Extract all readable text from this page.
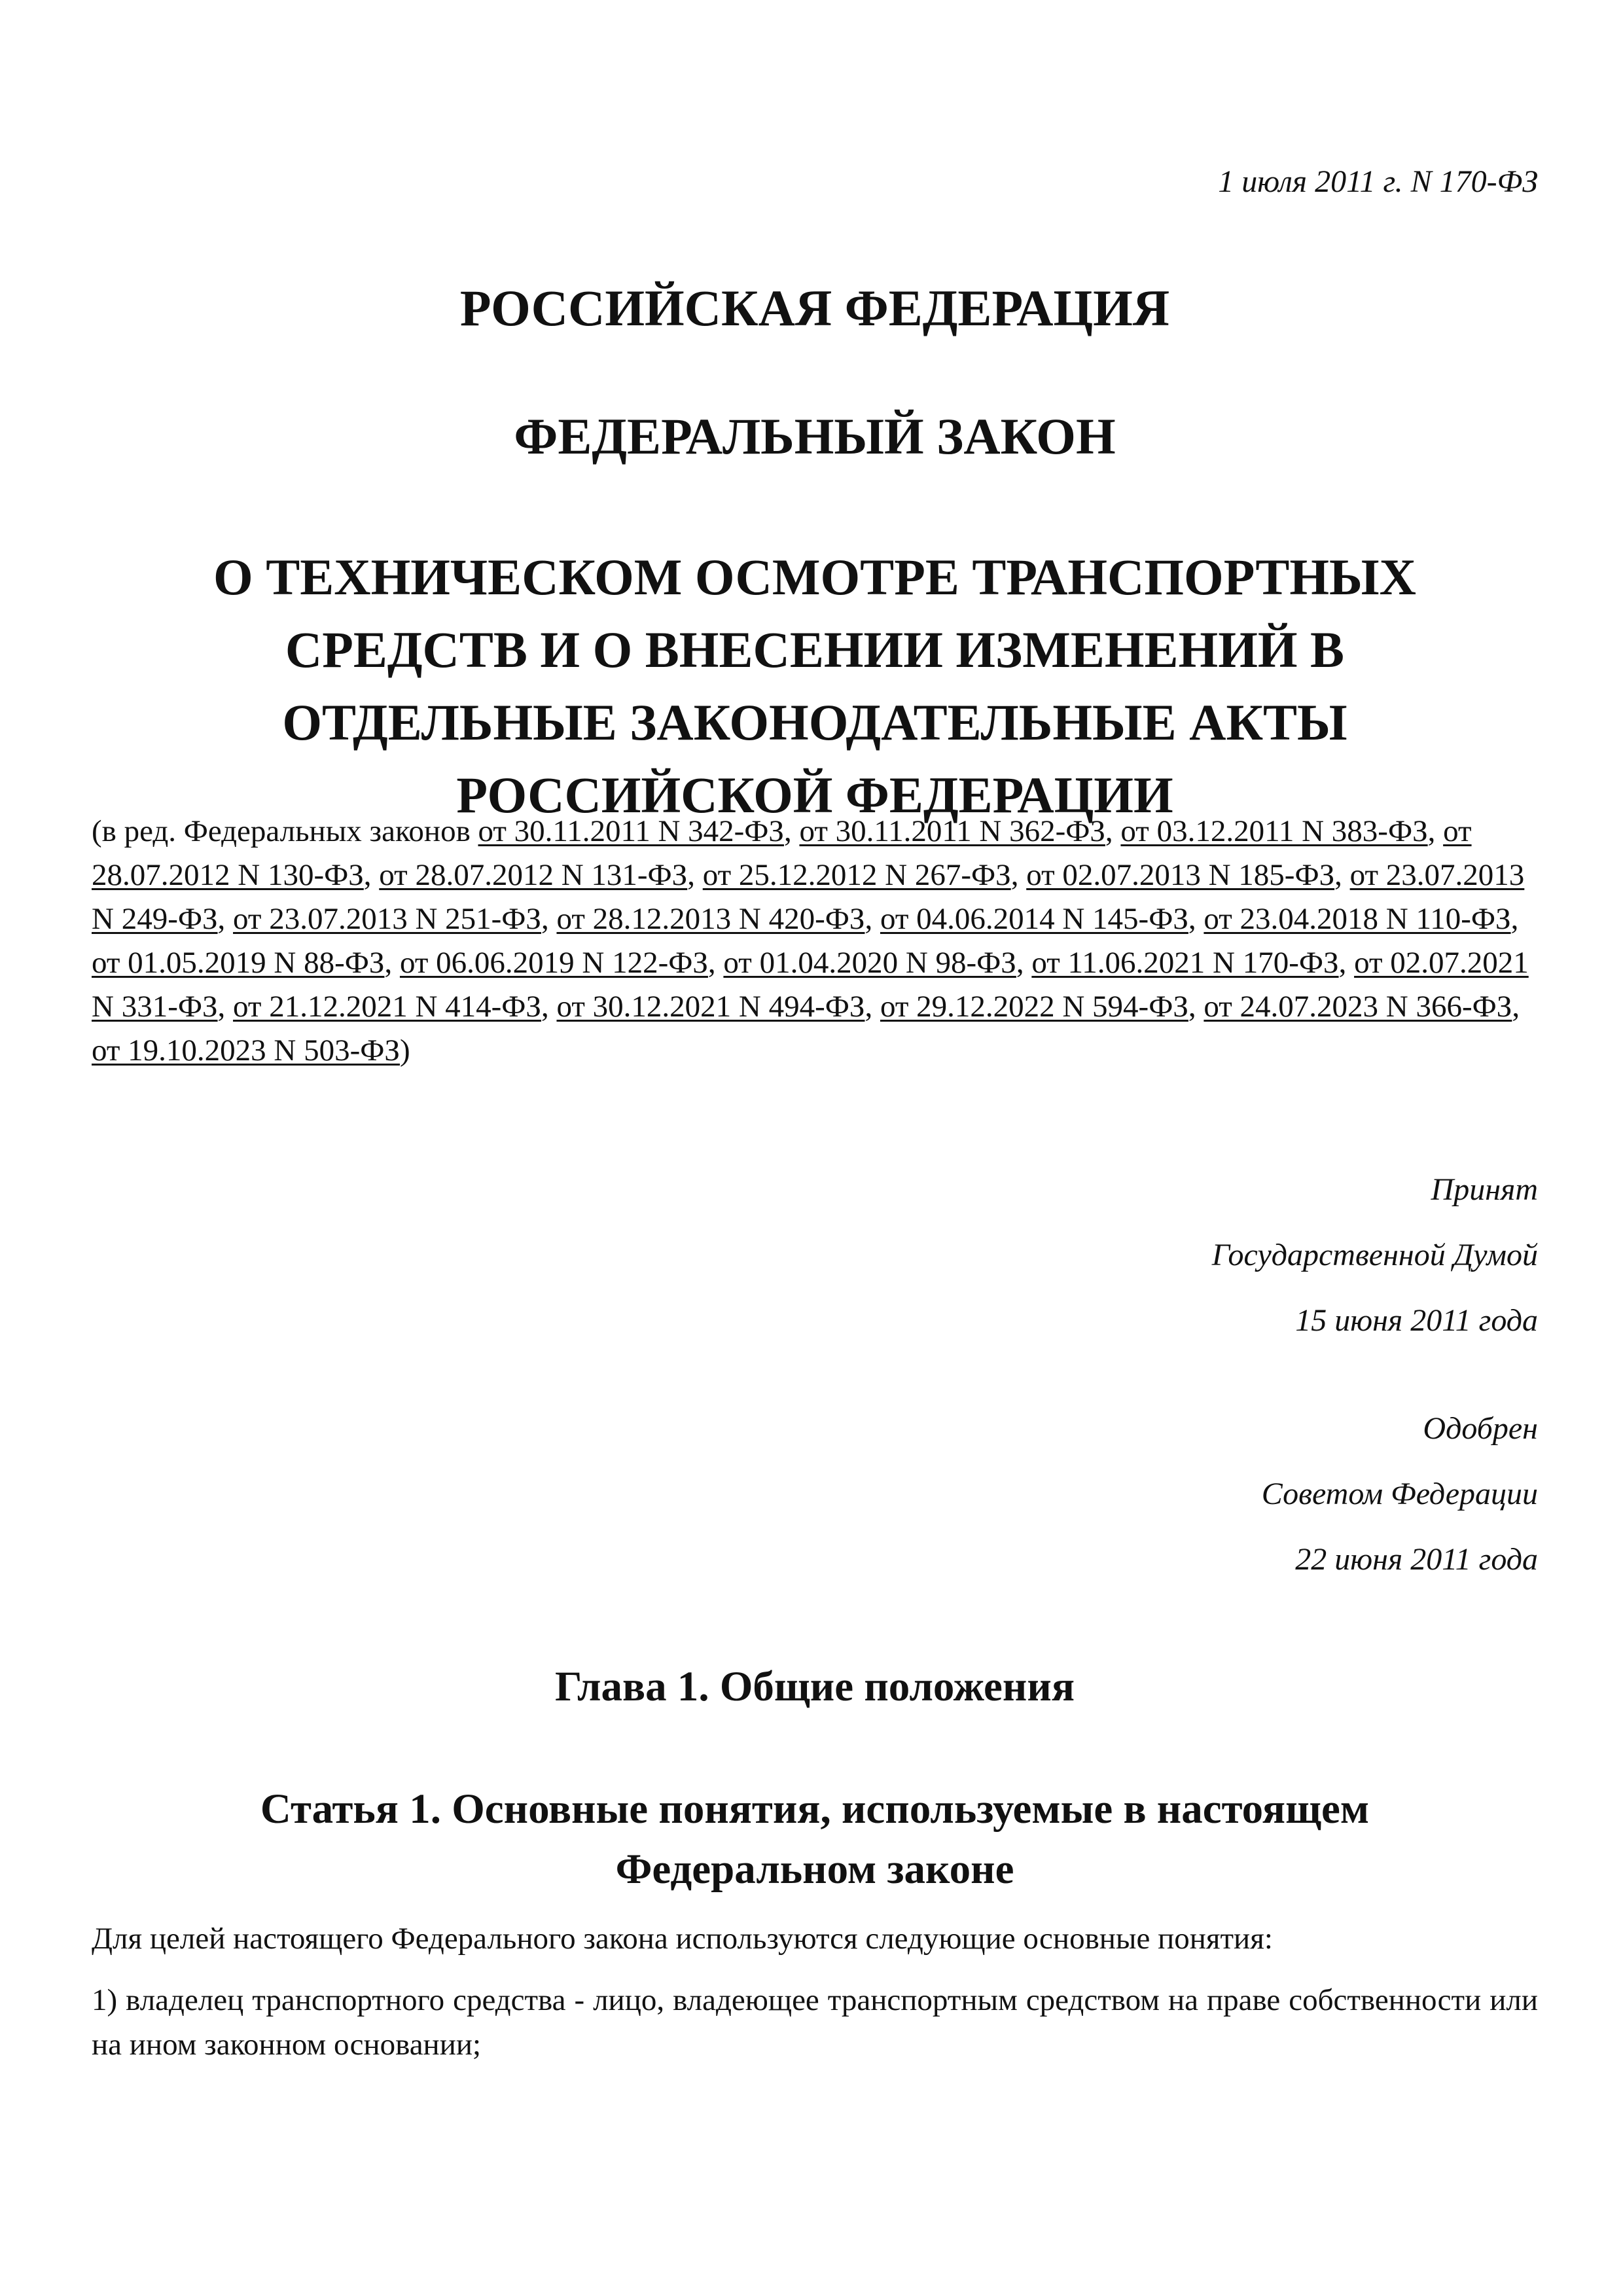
1 июля 2011 г. N 170-ФЗ
РОССИЙСКАЯ ФЕДЕРАЦИЯ
ФЕДЕРАЛЬНЫЙ ЗАКОН
О ТЕХНИЧЕСКОМ ОСМОТРЕ ТРАНСПОРТНЫХ
СРЕДСТВ И О ВНЕСЕНИИ ИЗМЕНЕНИЙ В
ОТДЕЛЬНЫЕ ЗАКОНОДАТЕЛЬНЫЕ АКТЫ
РОССИЙСКОЙ ФЕДЕРАЦИИ
(в ред. Федеральных законов от 30.11.2011 N 342-ФЗ, от 30.11.2011 N 362-ФЗ, от 03.12.2011 N 383-ФЗ, от 28.07.2012 N 130-ФЗ, от 28.07.2012 N 131-ФЗ, от 25.12.2012 N 267-ФЗ, от 02.07.2013 N 185-ФЗ, от 23.07.2013 N 249-ФЗ, от 23.07.2013 N 251-ФЗ, от 28.12.2013 N 420-ФЗ, от 04.06.2014 N 145-ФЗ, от 23.04.2018 N 110-ФЗ, от 01.05.2019 N 88-ФЗ, от 06.06.2019 N 122-ФЗ, от 01.04.2020 N 98-ФЗ, от 11.06.2021 N 170-ФЗ, от 02.07.2021 N 331-ФЗ, от 21.12.2021 N 414-ФЗ, от 30.12.2021 N 494-ФЗ, от 29.12.2022 N 594-ФЗ, от 24.07.2023 N 366-ФЗ, от 19.10.2023 N 503-ФЗ)
Принят
Государственной Думой
15 июня 2011 года
Одобрен
Советом Федерации
22 июня 2011 года
Глава 1. Общие положения
Статья 1. Основные понятия, используемые в настоящем
Федеральном законе

Для целей настоящего Федерального закона используются следующие основные понятия:

1) владелец транспортного средства - лицо, владеющее транспортным средством на праве собственности или на ином законном основании;
